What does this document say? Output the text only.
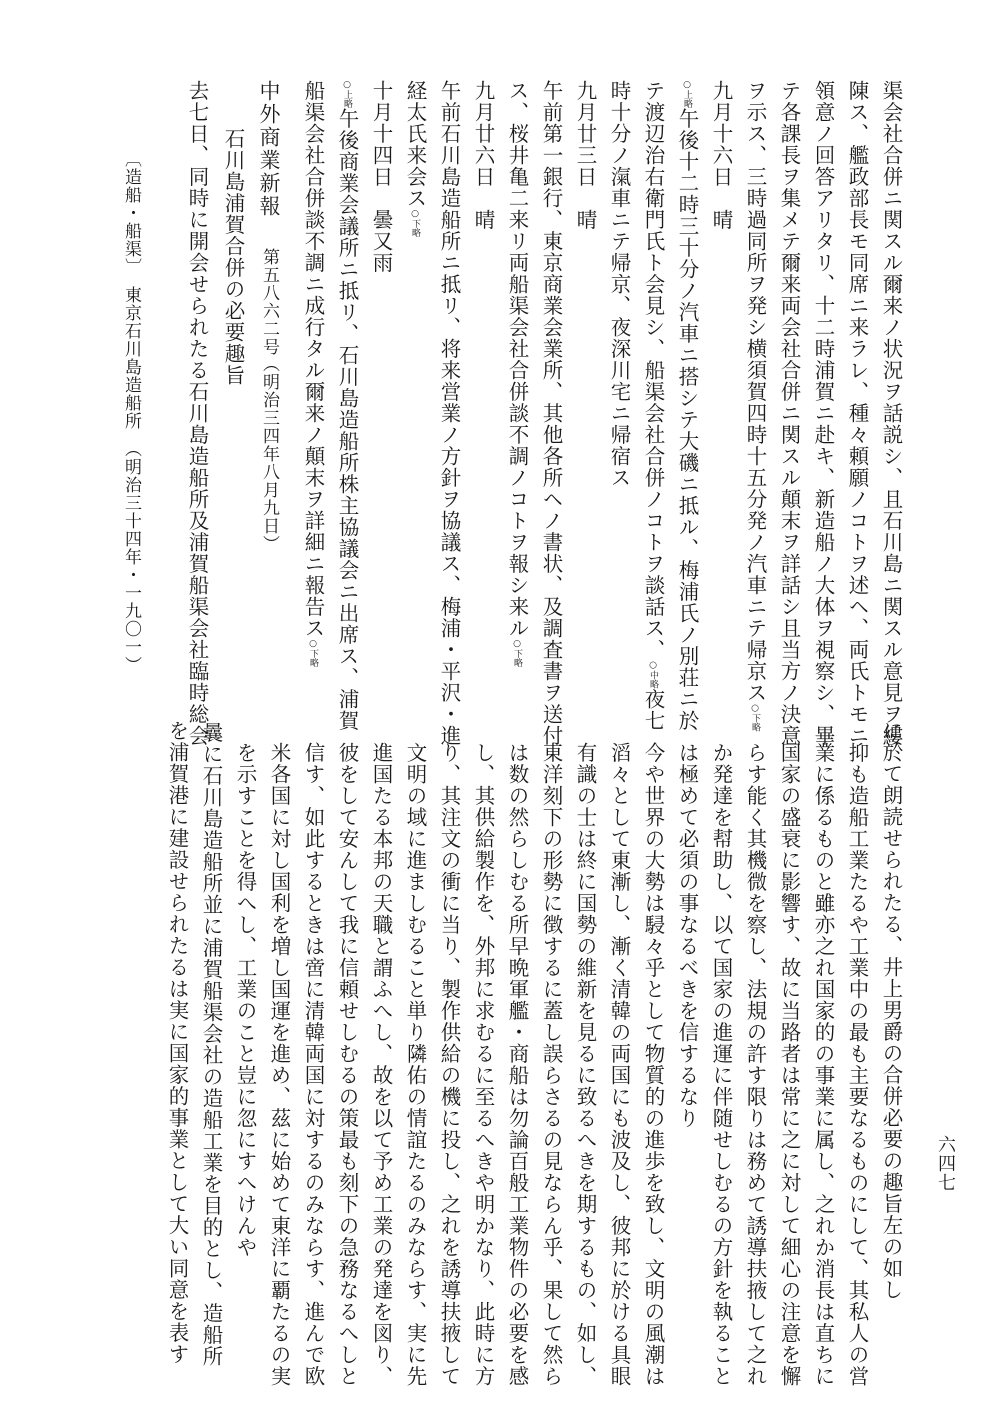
渠会社合併ニ関スル爾来ノ状況ヲ話説シ、且石川島ニ関スル意見ヲ縷
陳ス、艦政部長モ同席ニ来ラレ、種々頼願ノコトヲ述ヘ、両氏トモニ
領意ノ回答アリタリ、十二時浦賀ニ赴キ、新造船ノ大体ヲ視察シ、畢
テ各課長ヲ集メテ爾来両会社合併ニ関スル顛末ヲ詳話シ且当方ノ決意
ヲ示ス、三時過同所ヲ発シ横須賀四時十五分発ノ汽車ニテ帰京ス○下略
九月十六日　晴
○上略午後十二時三十分ノ汽車ニ搭シテ大磯ニ抵ル、梅浦氏ノ別荘ニ於
テ渡辺治右衛門氏ト会見シ、船渠会社合併ノコトヲ談話ス、○中略夜七
時十分ノ滊車ニテ帰京、夜深川宅ニ帰宿ス
九月廿三日　晴
午前第一銀行、東京商業会業所、其他各所ヘノ書状、及調査書ヲ送付
ス、桜井亀二来リ両船渠会社合併談不調ノコトヲ報シ来ル○下略
九月廿六日　晴
午前石川島造船所ニ抵リ、将来営業ノ方針ヲ協議ス、梅浦・平沢・進
経太氏来会ス○下略
十月十四日　曇又雨
○上略午後商業会議所ニ抵リ、石川島造船所株主協議会ニ出席ス、浦賀
船渠会社合併談不調ニ成行タル爾来ノ顛末ヲ詳細ニ報告ス○下略
中外商業新報
第五八六二号
（明治三四年八月九日）
石川島浦賀合併の必要趣旨
去七日、同時に開会せられたる石川島造船所及浦賀船渠会社臨時総会
〔造船・船渠〕
東京石川島造船所
（明治三十四年・一九〇一）
に於て朗読せられたる、井上男爵の合併必要の趣旨左の如し
抑も造船工業たるや工業中の最も主要なるものにして、其私人の営
業に係るものと雖亦之れ国家的の事業に属し、之れか消長は直ちに
国家の盛衰に影響す、故に当路者は常に之に対して細心の注意を懈
らす能く其機微を察し、法規の許す限りは務めて誘導扶掖して之れ
か発達を幇助し、以て国家の進運に伴随せしむるの方針を執ること
は極めて必須の事なるべきを信するなり
今や世界の大勢は駸々乎として物質的の進歩を致し、文明の風潮は
滔々として東漸し、漸く清韓の両国にも波及し、彼邦に於ける具眼
有識の士は終に国勢の維新を見るに致るへきを期するもの、如し、
東洋刻下の形勢に徴するに蓋し誤らさるの見ならん乎、果して然ら
は数の然らしむる所早晩軍艦・商船は勿論百般工業物件の必要を感
し、其供給製作を、外邦に求むるに至るへきや明かなり、此時に方
り、其注文の衝に当り、製作供給の機に投し、之れを誘導扶掖して
文明の域に進ましむること単り隣佑の情誼たるのみならす、実に先
進国たる本邦の天職と謂ふへし、故を以て予め工業の発達を図り、
彼をして安んして我に信頼せしむるの策最も刻下の急務なるへしと
信す、如此するときは啻に清韓両国に対するのみならす、進んで欧
米各国に対し国利を増し国運を進め、茲に始めて東洋に覇たるの実
を示すことを得へし、工業のこと豈に忽にすへけんや
曩に石川島造船所並に浦賀船渠会社の造船工業を目的とし、造船所
を浦賀港に建設せられたるは実に国家的事業として大い同意を表す	六四七
